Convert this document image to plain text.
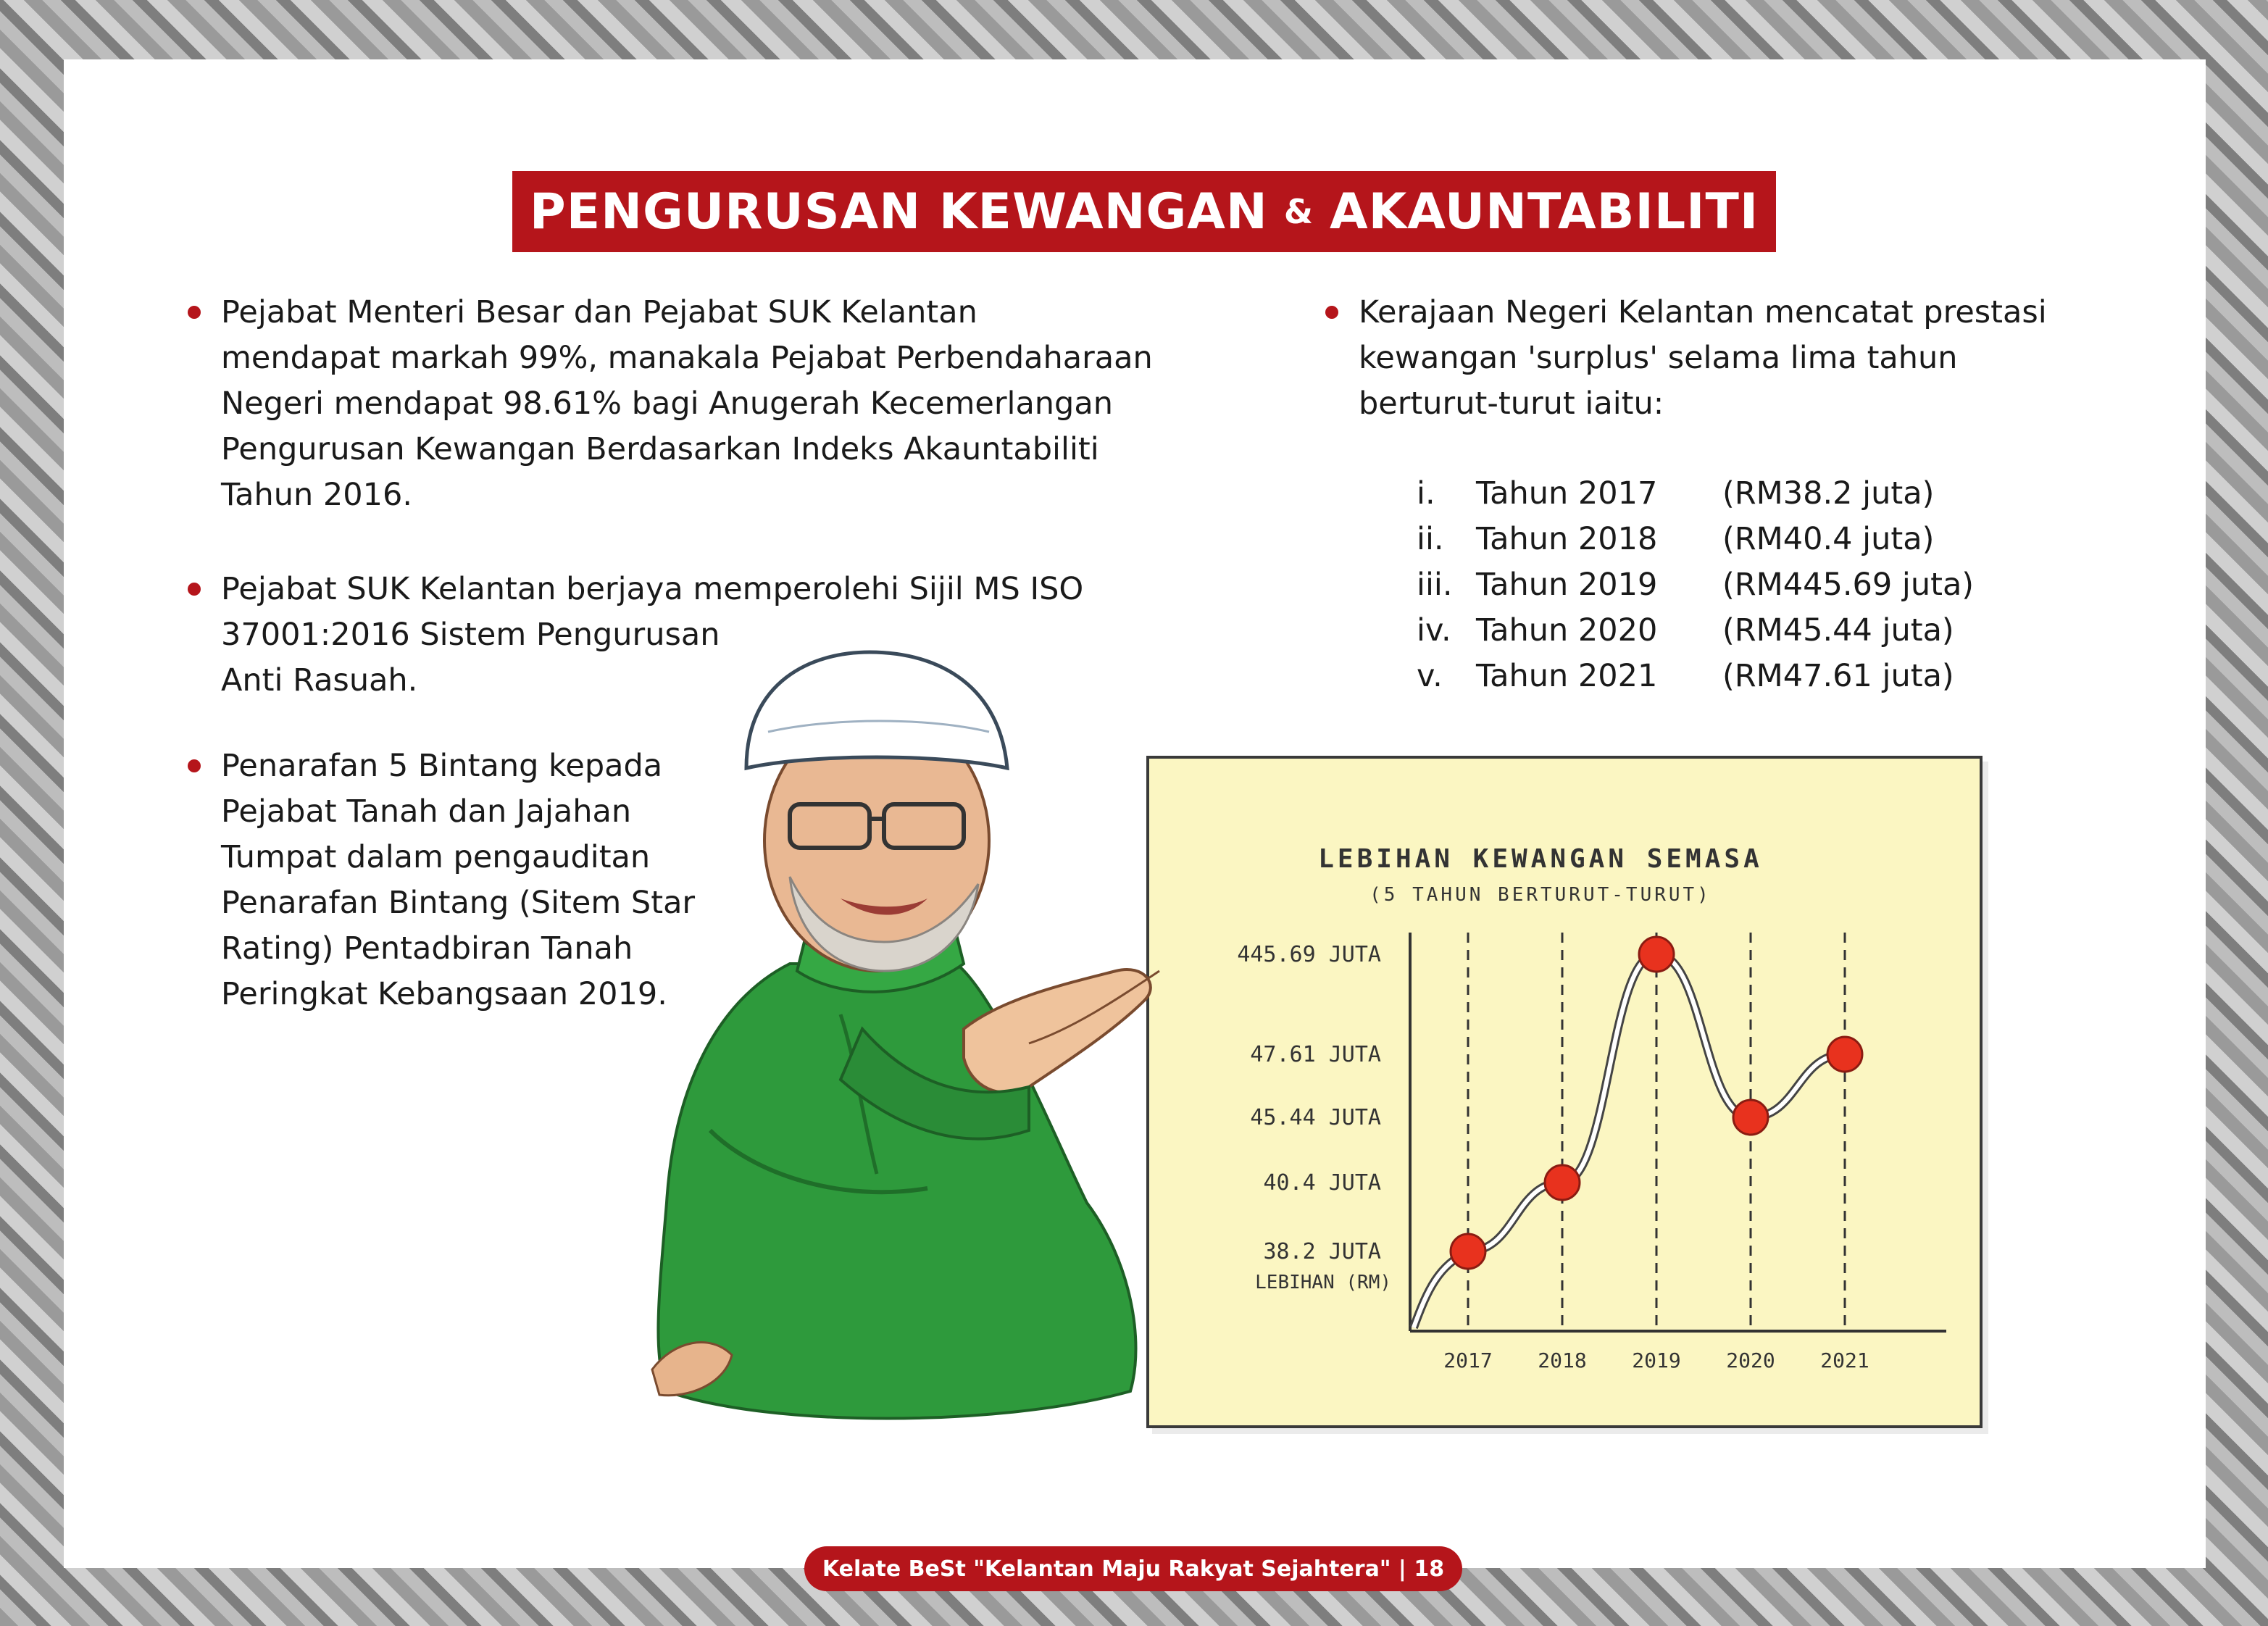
PENGURUSAN KEWANGAN & AKAUNTABILITI
Pejabat Menteri Besar dan Pejabat SUK Kelantan
mendapat markah 99%, manakala Pejabat Perbendaharaan
Negeri mendapat 98.61% bagi Anugerah Kecemerlangan
Pengurusan Kewangan Berdasarkan Indeks Akauntabiliti
Tahun 2016.
Pejabat SUK Kelantan berjaya memperolehi Sijil MS ISO
37001:2016 Sistem Pengurusan
Anti Rasuah.
Penarafan 5 Bintang kepada
Pejabat Tanah dan Jajahan
Tumpat dalam pengauditan
Penarafan Bintang (Sitem Star
Rating) Pentadbiran Tanah
Peringkat Kebangsaan 2019.
Kerajaan Negeri Kelantan mencatat prestasi
kewangan 'surplus' selama lima tahun
berturut-turut iaitu:
i.	Tahun 2017	(RM38.2 juta)
ii.	Tahun 2018	(RM40.4 juta)
iii. Tahun 2019	(RM445.69 juta)
iv. Tahun 2020	(RM45.44 juta)
v.	Tahun 2021	(RM47.61 juta)
LEBIHAN KEWANGAN SEMASA
(5 TAHUN BERTURUT-TURUT)
LEBIHAN (RM)
38.2 JUTA
40.4 JUTA
45.44 JUTA
47.61 JUTA
445.69 JUTA
2017 2018 2019 2020 2021
Kelate BeSt "Kelantan Maju Rakyat Sejahtera" | 18
